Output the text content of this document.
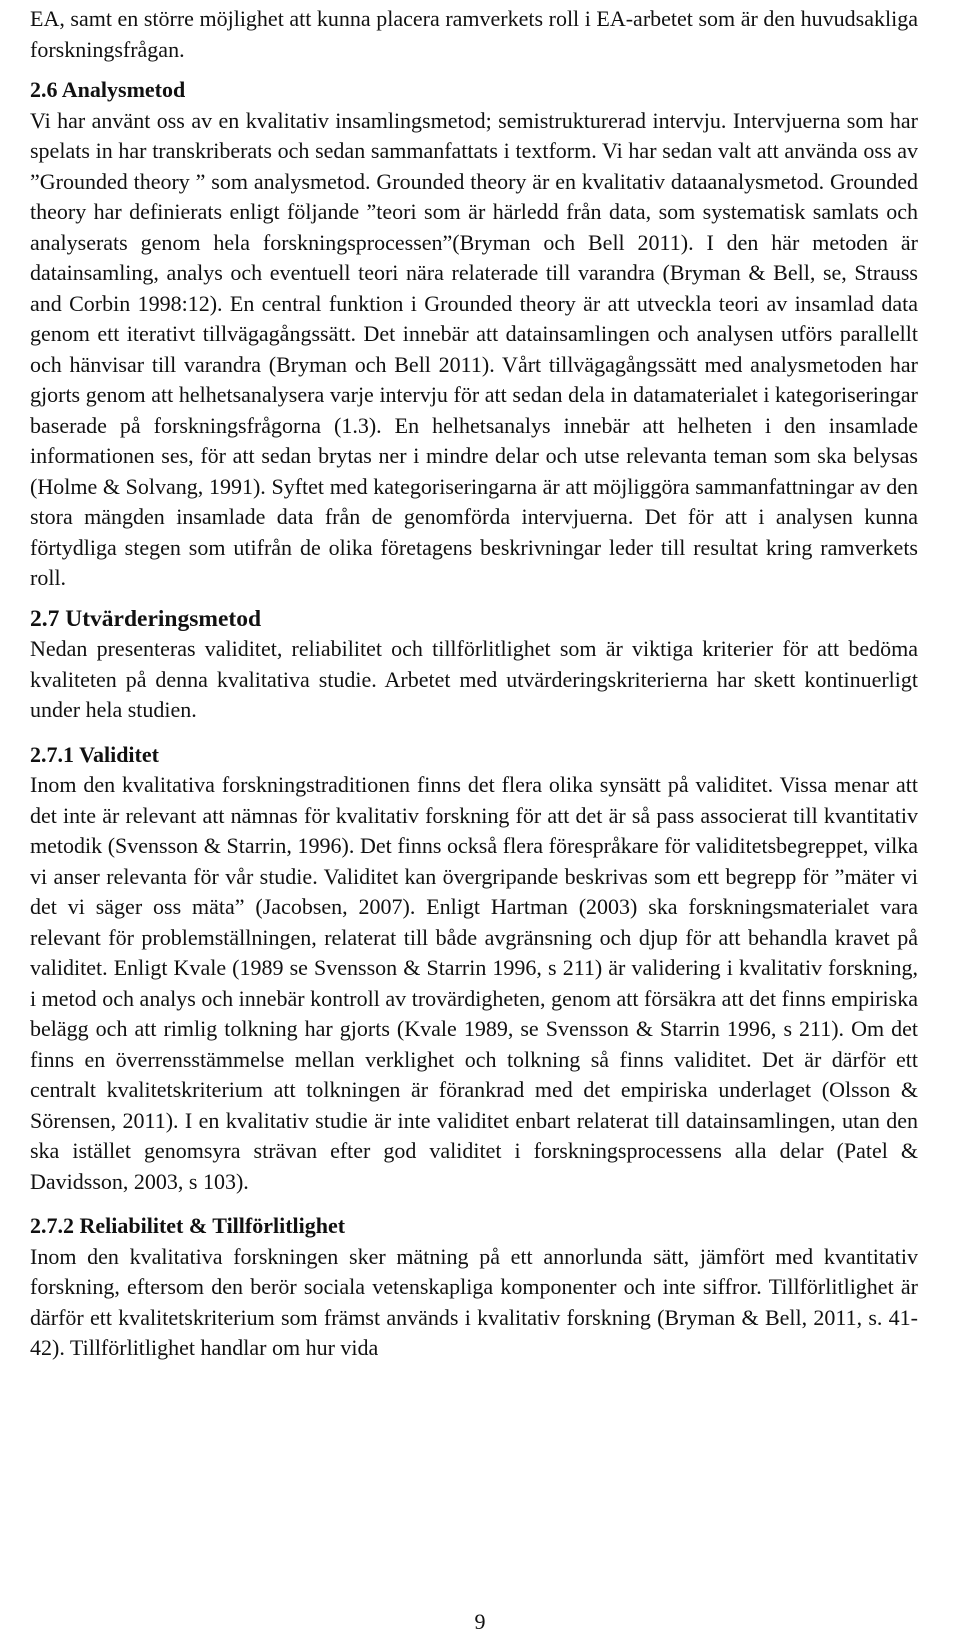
EA, samt en större möjlighet att kunna placera ramverkets roll i EA-arbetet som är den huvudsakliga forskningsfrågan.

2.6 Analysmetod

Vi har använt oss av en kvalitativ insamlingsmetod; semistrukturerad intervju. Intervjuerna som har spelats in har transkriberats och sedan sammanfattats i textform. Vi har sedan valt att använda oss av ”Grounded theory ” som analysmetod. Grounded theory är en kvalitativ dataanalysmetod. Grounded theory har definierats enligt följande ”teori som är härledd från data, som systematisk samlats och analyserats genom hela forskningsprocessen”(Bryman och Bell 2011). I den här metoden är datainsamling, analys och eventuell teori nära relaterade till varandra (Bryman & Bell, se, Strauss and Corbin 1998:12). En central funktion i Grounded theory är att utveckla teori av insamlad data genom ett iterativt tillvägagångssätt. Det innebär att datainsamlingen och analysen utförs parallellt och hänvisar till varandra (Bryman och Bell 2011). Vårt tillvägagångssätt med analysmetoden har gjorts genom att helhetsanalysera varje intervju för att sedan dela in datamaterialet i kategoriseringar baserade på forskningsfrågorna (1.3). En helhetsanalys innebär att helheten i den insamlade informationen ses, för att sedan brytas ner i mindre delar och utse relevanta teman som ska belysas (Holme & Solvang, 1991). Syftet med kategoriseringarna är att möjliggöra sammanfattningar av den stora mängden insamlade data från de genomförda intervjuerna. Det för att i analysen kunna förtydliga stegen som utifrån de olika företagens beskrivningar leder till resultat kring ramverkets roll.

2.7 Utvärderingsmetod

Nedan presenteras validitet, reliabilitet och tillförlitlighet som är viktiga kriterier för att bedöma kvaliteten på denna kvalitativa studie. Arbetet med utvärderingskriterierna har skett kontinuerligt under hela studien.

2.7.1 Validitet

Inom den kvalitativa forskningstraditionen finns det flera olika synsätt på validitet. Vissa menar att det inte är relevant att nämnas för kvalitativ forskning för att det är så pass associerat till kvantitativ metodik (Svensson & Starrin, 1996). Det finns också flera förespråkare för validitetsbegreppet, vilka vi anser relevanta för vår studie. Validitet kan övergripande beskrivas som ett begrepp för ”mäter vi det vi säger oss mäta” (Jacobsen, 2007). Enligt Hartman (2003) ska forskningsmaterialet vara relevant för problemställningen, relaterat till både avgränsning och djup för att behandla kravet på validitet. Enligt Kvale (1989 se Svensson & Starrin 1996, s 211) är validering i kvalitativ forskning, i metod och analys och innebär kontroll av trovärdigheten, genom att försäkra att det finns empiriska belägg och att rimlig tolkning har gjorts (Kvale 1989, se Svensson & Starrin 1996, s 211). Om det finns en överrensstämmelse mellan verklighet och tolkning så finns validitet. Det är därför ett centralt kvalitetskriterium att tolkningen är förankrad med det empiriska underlaget (Olsson & Sörensen, 2011). I en kvalitativ studie är inte validitet enbart relaterat till datainsamlingen, utan den ska istället genomsyra strävan efter god validitet i forskningsprocessens alla delar (Patel & Davidsson, 2003, s 103).

2.7.2 Reliabilitet & Tillförlitlighet

Inom den kvalitativa forskningen sker mätning på ett annorlunda sätt, jämfört med kvantitativ forskning, eftersom den berör sociala vetenskapliga komponenter och inte siffror. Tillförlitlighet är därför ett kvalitetskriterium som främst används i kvalitativ forskning (Bryman & Bell, 2011, s. 41-42). Tillförlitlighet handlar om hur vida

9
